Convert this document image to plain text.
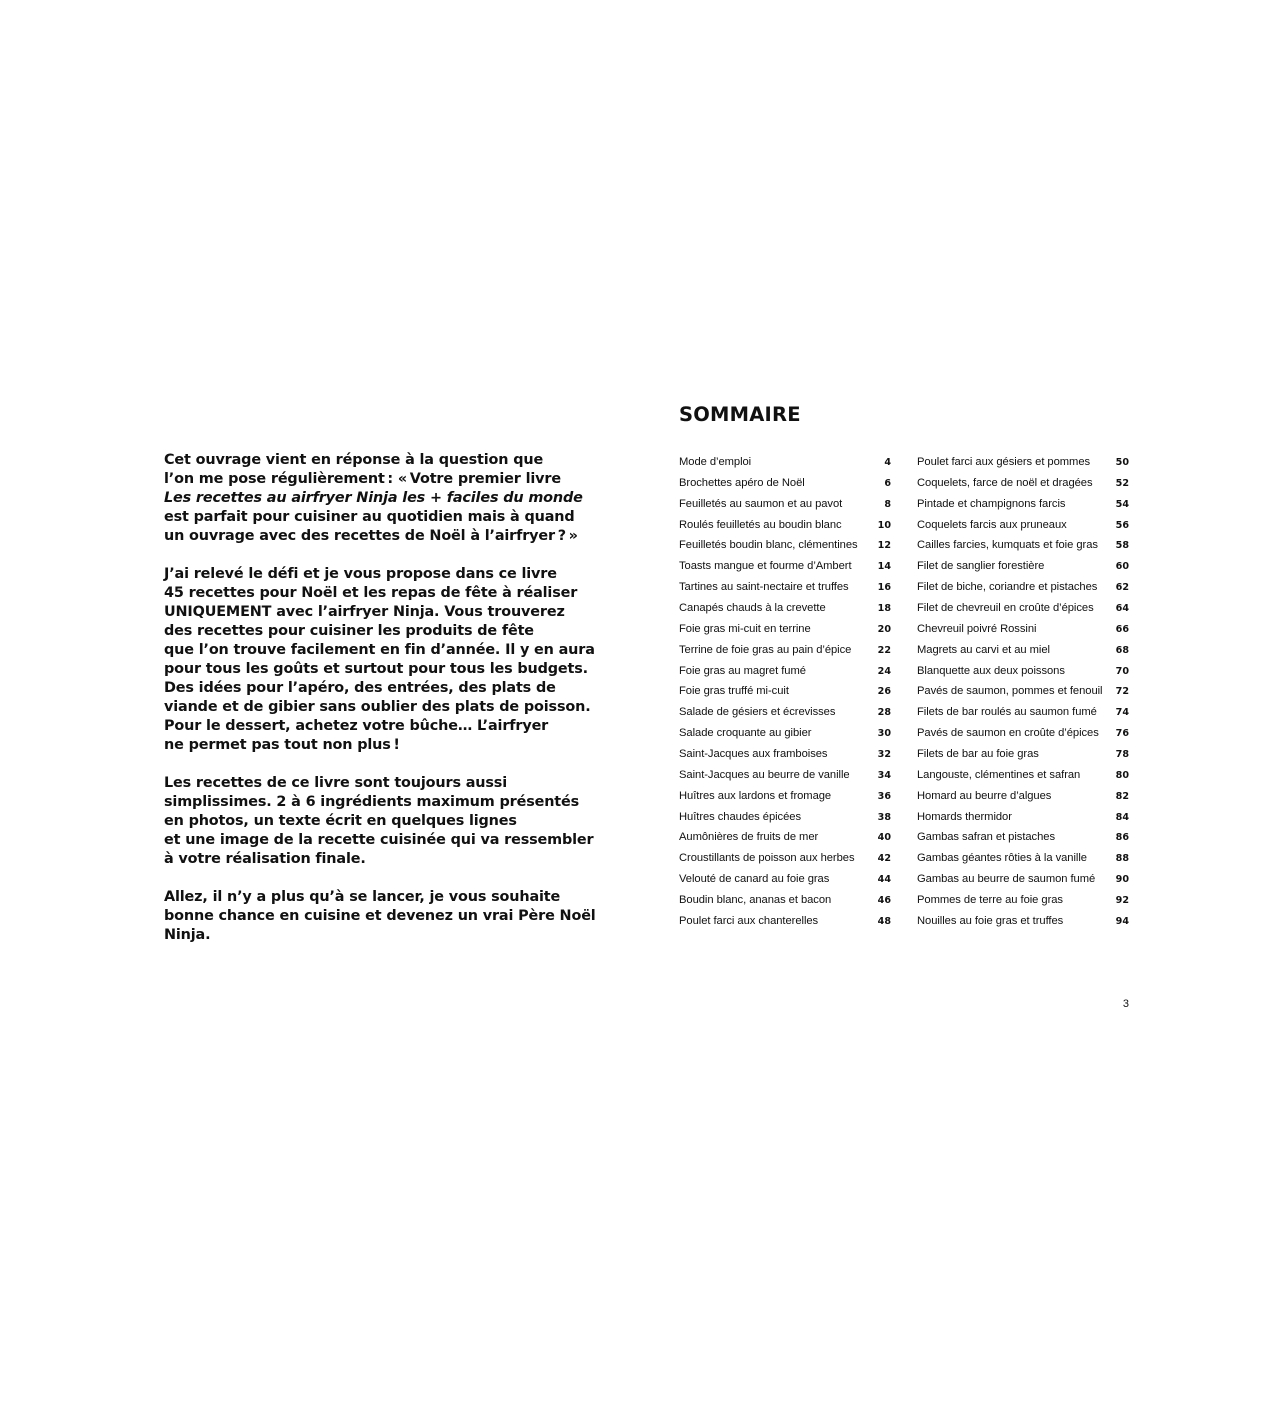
Cet ouvrage vient en réponse à la question que
l’on me pose régulièrement : « Votre premier livre
Les recettes au airfryer Ninja les + faciles du monde
est parfait pour cuisiner au quotidien mais à quand
un ouvrage avec des recettes de Noël à l’airfryer ? »

J’ai relevé le défi et je vous propose dans ce livre
45 recettes pour Noël et les repas de fête à réaliser
UNIQUEMENT avec l’airfryer Ninja. Vous trouverez
des recettes pour cuisiner les produits de fête
que l’on trouve facilement en fin d’année. Il y en aura
pour tous les goûts et surtout pour tous les budgets.
Des idées pour l’apéro, des entrées, des plats de
viande et de gibier sans oublier des plats de poisson.
Pour le dessert, achetez votre bûche… L’airfryer
ne permet pas tout non plus !

Les recettes de ce livre sont toujours aussi
simplissimes. 2 à 6 ingrédients maximum présentés
en photos, un texte écrit en quelques lignes
et une image de la recette cuisinée qui va ressembler
à votre réalisation finale.

Allez, il n’y a plus qu’à se lancer, je vous souhaite
bonne chance en cuisine et devenez un vrai Père Noël
Ninja.

SOMMAIRE
Mode d’emploi	4
Brochettes apéro de Noël	6
Feuilletés au saumon et au pavot	8
Roulés feuilletés au boudin blanc	10
Feuilletés boudin blanc, clémentines 12
Toasts mangue et fourme d’Ambert	14
Tartines au saint-nectaire et truffes	16
Canapés chauds à la crevette	18
Foie gras mi-cuit en terrine	20
Terrine de foie gras au pain d’épice	22
Foie gras au magret fumé	24
Foie gras truffé mi-cuit	26
Salade de gésiers et écrevisses	28
Salade croquante au gibier	30
Saint-Jacques aux framboises	32
Saint-Jacques au beurre de vanille	34
Huîtres aux lardons et fromage	36
Huîtres chaudes épicées	38
Aumônières de fruits de mer	40
Croustillants de poisson aux herbes 42
Velouté de canard au foie gras	44
Boudin blanc, ananas et bacon	46
Poulet farci aux chanterelles	48
Poulet farci aux gésiers et pommes	50
Coquelets, farce de noël et dragées 52
Pintade et champignons farcis	54
Coquelets farcis aux pruneaux	56
Cailles farcies, kumquats et foie gras 58
Filet de sanglier forestière	60
Filet de biche, coriandre et pistaches 62
Filet de chevreuil en croûte d’épices 64
Chevreuil poivré Rossini	66
Magrets au carvi et au miel	68
Blanquette aux deux poissons	70
Pavés de saumon, pommes et fenouil 72
Filets de bar roulés au saumon fumé 74
Pavés de saumon en croûte d’épices 76
Filets de bar au foie gras	78
Langouste, clémentines et safran	80
Homard au beurre d’algues	82
Homards thermidor	84
Gambas safran et pistaches	86
Gambas géantes rôties à la vanille	88
Gambas au beurre de saumon fumé 90
Pommes de terre au foie gras	92
Nouilles au foie gras et truffes	94
3
